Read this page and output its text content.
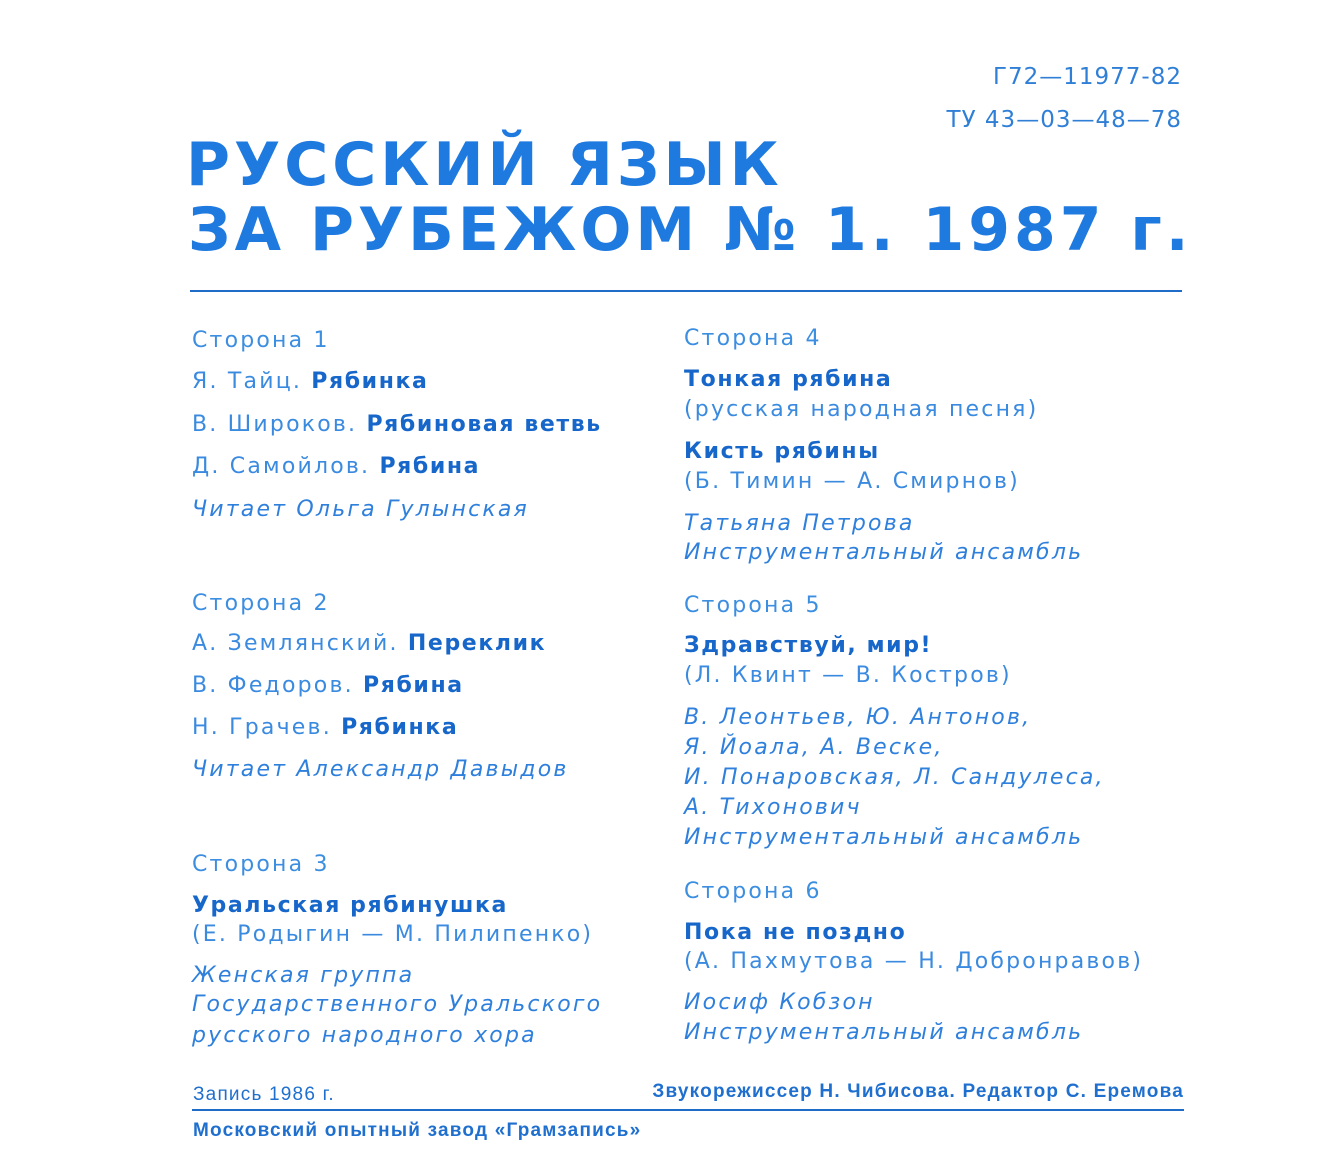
Г72—11977-82
ТУ 43—03—48—78
РУССКИЙ ЯЗЫК
ЗА РУБЕЖОМ № 1. 1987 г.
Сторона 1
Я. Тайц. Рябинка
В. Широков. Рябиновая ветвь
Д. Самойлов. Рябина
Читает Ольга Гулынская
Сторона 2
А. Землянский. Переклик
В. Федоров. Рябина
Н. Грачев. Рябинка
Читает Александр Давыдов
Сторона 3
Уральская рябинушка
(Е. Родыгин — М. Пилипенко)
Женская группа
Государственного Уральского
русского народного хора
Сторона 4
Тонкая рябина
(русская народная песня)
Кисть рябины
(Б. Тимин — А. Смирнов)
Татьяна Петрова
Инструментальный ансамбль
Сторона 5
Здравствуй, мир!
(Л. Квинт — В. Костров)
В. Леонтьев, Ю. Антонов,
Я. Йоала, А. Веске,
И. Понаровская, Л. Сандулеса,
А. Тихонович
Инструментальный ансамбль
Сторона 6
Пока не поздно
(А. Пахмутова — Н. Добронравов)
Иосиф Кобзон
Инструментальный ансамбль
Запись 1986 г.	Звукорежиссер Н. Чибисова. Редактор С. Еремова
Московский опытный завод «Грамзапись»
